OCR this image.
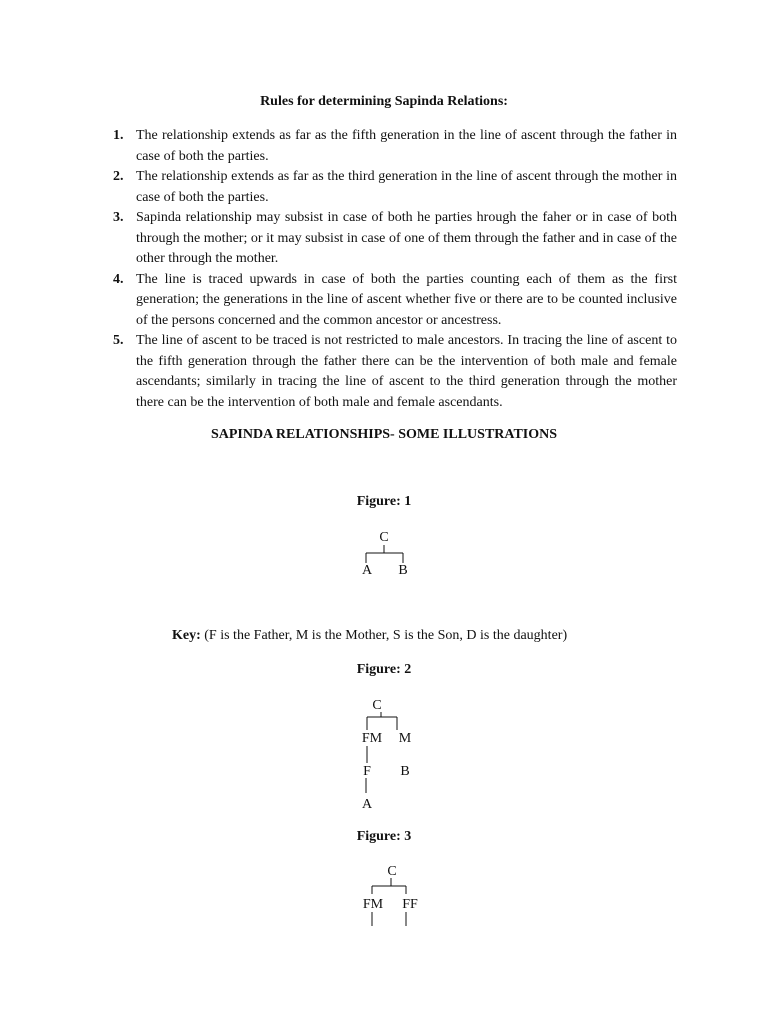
Rules for determining Sapinda Relations:
1. The relationship extends as far as the fifth generation in the line of ascent through the father in case of both the parties.
2. The relationship extends as far as the third generation in the line of ascent through the mother in case of both the parties.
3. Sapinda relationship may subsist in case of both he parties hrough the faher or in case of both through the mother; or it may subsist in case of one of them through the father and in case of the other through the mother.
4. The line is traced upwards in case of both the parties counting each of them as the first generation; the generations in the line of ascent whether five or there are to be counted inclusive of the persons concerned and the common ancestor or ancestress.
5. The line of ascent to be traced is not restricted to male ancestors. In tracing the line of ascent to the fifth generation through the father there can be the intervention of both male and female ascendants; similarly in tracing the line of ascent to the third generation through the mother there can be the intervention of both male and female ascendants.
SAPINDA RELATIONSHIPS- SOME ILLUSTRATIONS
Figure: 1
C
A B
Key: (F is the Father, M is the Mother, S is the Son, D is the daughter)
Figure: 2
C
FM M
F B
A
Figure: 3
C
FM FF
